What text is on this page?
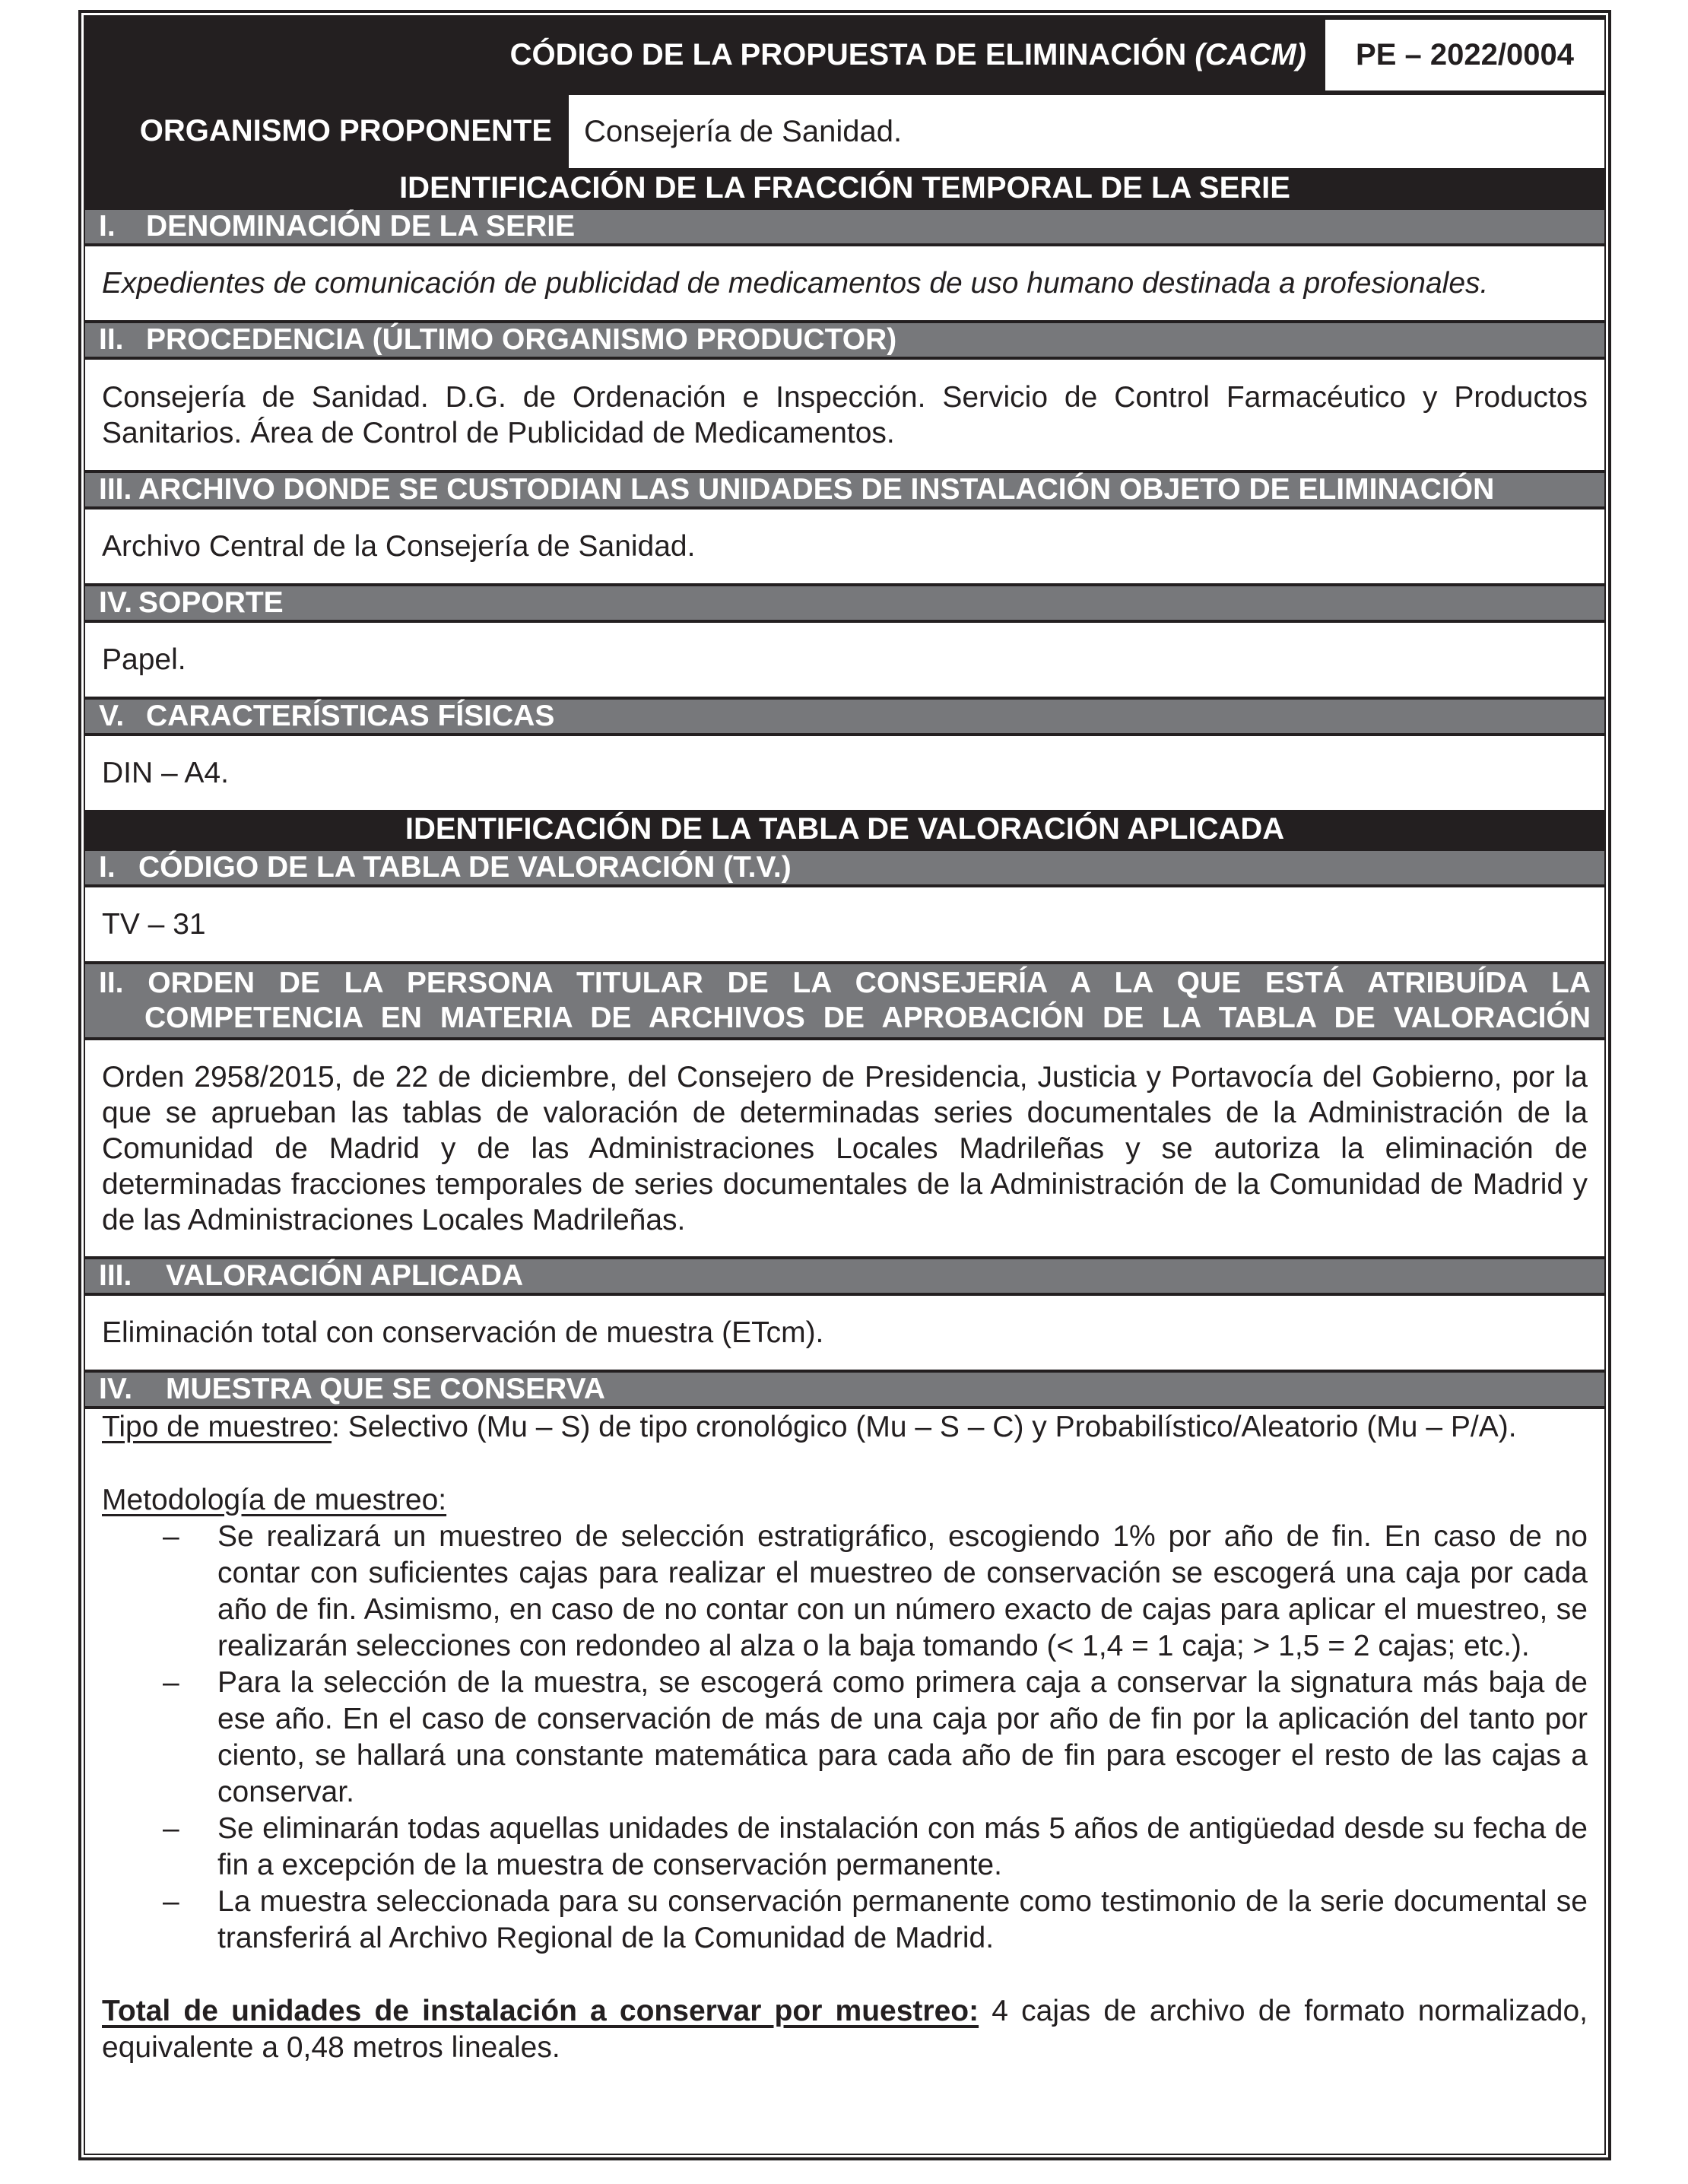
CÓDIGO DE LA PROPUESTA DE ELIMINACIÓN
(CACM)	PE – 2022/0004
ORGANISMO PROPONENTE	Consejería de Sanidad.
IDENTIFICACIÓN DE LA FRACCIÓN TEMPORAL DE LA SERIE
I.	DENOMINACIÓN DE LA SERIE

Expedientes de comunicación de publicidad de medicamentos de uso humano destinada a profesionales.

II. PROCEDENCIA (ÚLTIMO ORGANISMO PRODUCTOR)

Consejería de Sanidad. D.G. de Ordenación e Inspección. Servicio de Control Farmacéutico y Productos Sanitarios. Área de Control de Publicidad de Medicamentos.

III. ARCHIVO DONDE SE CUSTODIAN LAS UNIDADES DE INSTALACIÓN OBJETO DE ELIMINACIÓN

Archivo Central de la Consejería de Sanidad.

IV. SOPORTE

Papel.

V. CARACTERÍSTICAS FÍSICAS

DIN – A4.

IDENTIFICACIÓN DE LA TABLA DE VALORACIÓN APLICADA
I. CÓDIGO DE LA TABLA DE VALORACIÓN (T.V.)

TV – 31

II. ORDEN DE LA PERSONA TITULAR DE LA CONSEJERÍA A LA QUE ESTÁ ATRIBUÍDA LA
COMPETENCIA EN MATERIA DE ARCHIVOS DE APROBACIÓN DE LA TABLA DE VALORACIÓN

Orden 2958/2015, de 22 de diciembre, del Consejero de Presidencia, Justicia y Portavocía del Gobierno, por la que se aprueban las tablas de valoración de determinadas series documentales de la Administración de la Comunidad de Madrid y de las Administraciones Locales Madrileñas y se autoriza la eliminación de determinadas fracciones temporales de series documentales de la Administración de la Comunidad de Madrid y de las Administraciones Locales Madrileñas.

III.	VALORACIÓN APLICADA

Eliminación total con conservación de muestra (ETcm).

IV.	MUESTRA QUE SE CONSERVA

Tipo de muestreo: Selectivo (Mu – S) de tipo cronológico (Mu – S – C) y Probabilístico/Aleatorio (Mu – P/A).

Metodología de muestreo:

–	Se realizará un muestreo de selección estratigráfico, escogiendo 1% por año de fin. En caso de no contar con suficientes cajas para realizar el muestreo de conservación se escogerá una caja por cada año de fin. Asimismo, en caso de no contar con un número exacto de cajas para aplicar el muestreo, se realizarán selecciones con redondeo al alza o la baja tomando (< 1,4 = 1 caja; > 1,5 = 2 cajas; etc.).
–	Para la selección de la muestra, se escogerá como primera caja a conservar la signatura más baja de ese año. En el caso de conservación de más de una caja por año de fin por la aplicación del tanto por ciento, se hallará una constante matemática para cada año de fin para escoger el resto de las cajas a conservar.
–	Se eliminarán todas aquellas unidades de instalación con más 5 años de antigüedad desde su fecha de fin a excepción de la muestra de conservación permanente.
–	La muestra seleccionada para su conservación permanente como testimonio de la serie documental se transferirá al Archivo Regional de la Comunidad de Madrid.

Total de unidades de instalación a conservar por muestreo: 4 cajas de archivo de formato normalizado, equivalente a 0,48 metros lineales.
